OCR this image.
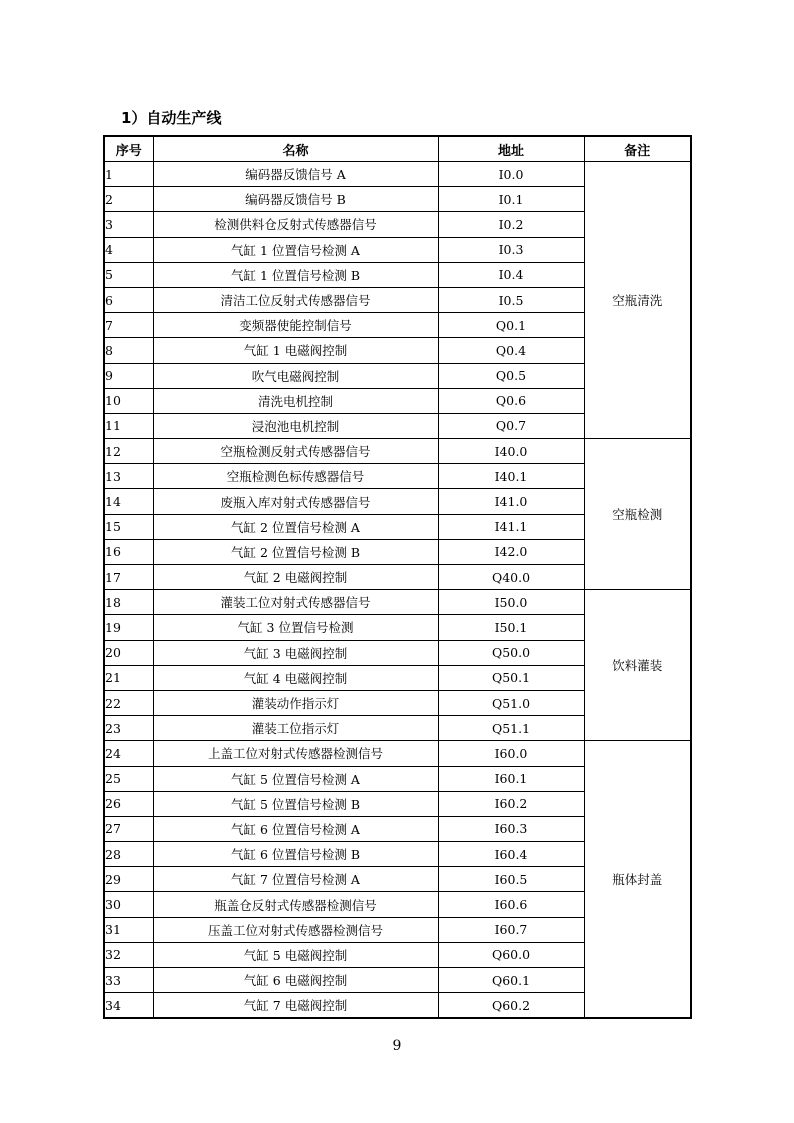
1）自动生产线
序号	名称	地址	备注
1	编码器反馈信号 A	I0.0	空瓶清洗
2	编码器反馈信号 B	I0.1	
3	检测供料仓反射式传感器信号	I0.2	
4	气缸 1 位置信号检测 A	I0.3	
5	气缸 1 位置信号检测 B	I0.4	
6	清洁工位反射式传感器信号	I0.5	
7	变频器使能控制信号	Q0.1	
8	气缸 1 电磁阀控制	Q0.4	
9	吹气电磁阀控制	Q0.5	
10	清洗电机控制	Q0.6	
11	浸泡池电机控制	Q0.7	
12	空瓶检测反射式传感器信号	I40.0	空瓶检测
13	空瓶检测色标传感器信号	I40.1	
14	废瓶入库对射式传感器信号	I41.0	
15	气缸 2 位置信号检测 A	I41.1	
16	气缸 2 位置信号检测 B	I42.0	
17	气缸 2 电磁阀控制	Q40.0	
18	灌装工位对射式传感器信号	I50.0	饮料灌装
19	气缸 3 位置信号检测	I50.1	
20	气缸 3 电磁阀控制	Q50.0	
21	气缸 4 电磁阀控制	Q50.1	
22	灌装动作指示灯	Q51.0	
23	灌装工位指示灯	Q51.1	
24	上盖工位对射式传感器检测信号	I60.0	瓶体封盖
25	气缸 5 位置信号检测 A	I60.1	
26	气缸 5 位置信号检测 B	I60.2	
27	气缸 6 位置信号检测 A	I60.3	
28	气缸 6 位置信号检测 B	I60.4	
29	气缸 7 位置信号检测 A	I60.5	
30	瓶盖仓反射式传感器检测信号	I60.6	
31	压盖工位对射式传感器检测信号	I60.7	
32	气缸 5 电磁阀控制	Q60.0	
33	气缸 6 电磁阀控制	Q60.1	
34	气缸 7 电磁阀控制	Q60.2	
9
